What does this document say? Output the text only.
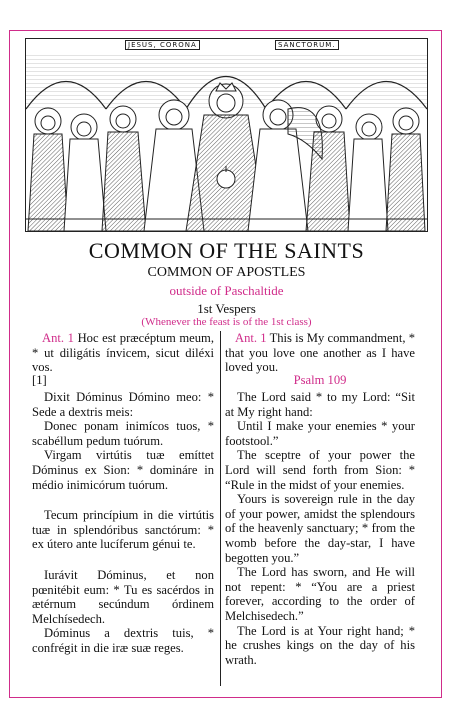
JESUS, CORONA	SANCTORUM.
COMMON OF THE SAINTS
COMMON OF APOSTLES
outside of Paschaltide
1st Vespers
(Whenever the feast is of the 1st class)

Ant. 1 Hoc est præcéptum meum, * ut diligátis ínvicem, sicut diléxi vos.

Ant. 1 This is My commandment, * that you love one another as I have loved you.

[1]	Psalm 109

Dixit Dóminus Dómino meo: * Sede a dextris meis:

Donec ponam inimícos tuos, * scabéllum pedum tuórum.

Virgam virtútis tuæ emíttet Dóminus ex Sion: * domináre in médio inimicórum tuórum.

Tecum princípium in die virtútis tuæ in splendóribus sanctórum: * ex útero ante lucíferum génui te.

Iurávit Dóminus, et non pœnitébit eum: * Tu es sacérdos in ætérnum secúndum órdinem Melchísedech.

Dóminus a dextris tuis, * confrégit in die iræ suæ reges.

The Lord said * to my Lord: “Sit at My right hand:

Until I make your enemies * your footstool.”

The sceptre of your power the Lord will send forth from Sion: * “Rule in the midst of your enemies.

Yours is sovereign rule in the day of your power, amidst the splendours of the heavenly sanctuary; * from the womb before the day-star, I have begotten you.”

The Lord has sworn, and He will not repent: * “You are a priest forever, according to the order of Melchisedech.”

The Lord is at Your right hand; * he crushes kings on the day of his wrath.
